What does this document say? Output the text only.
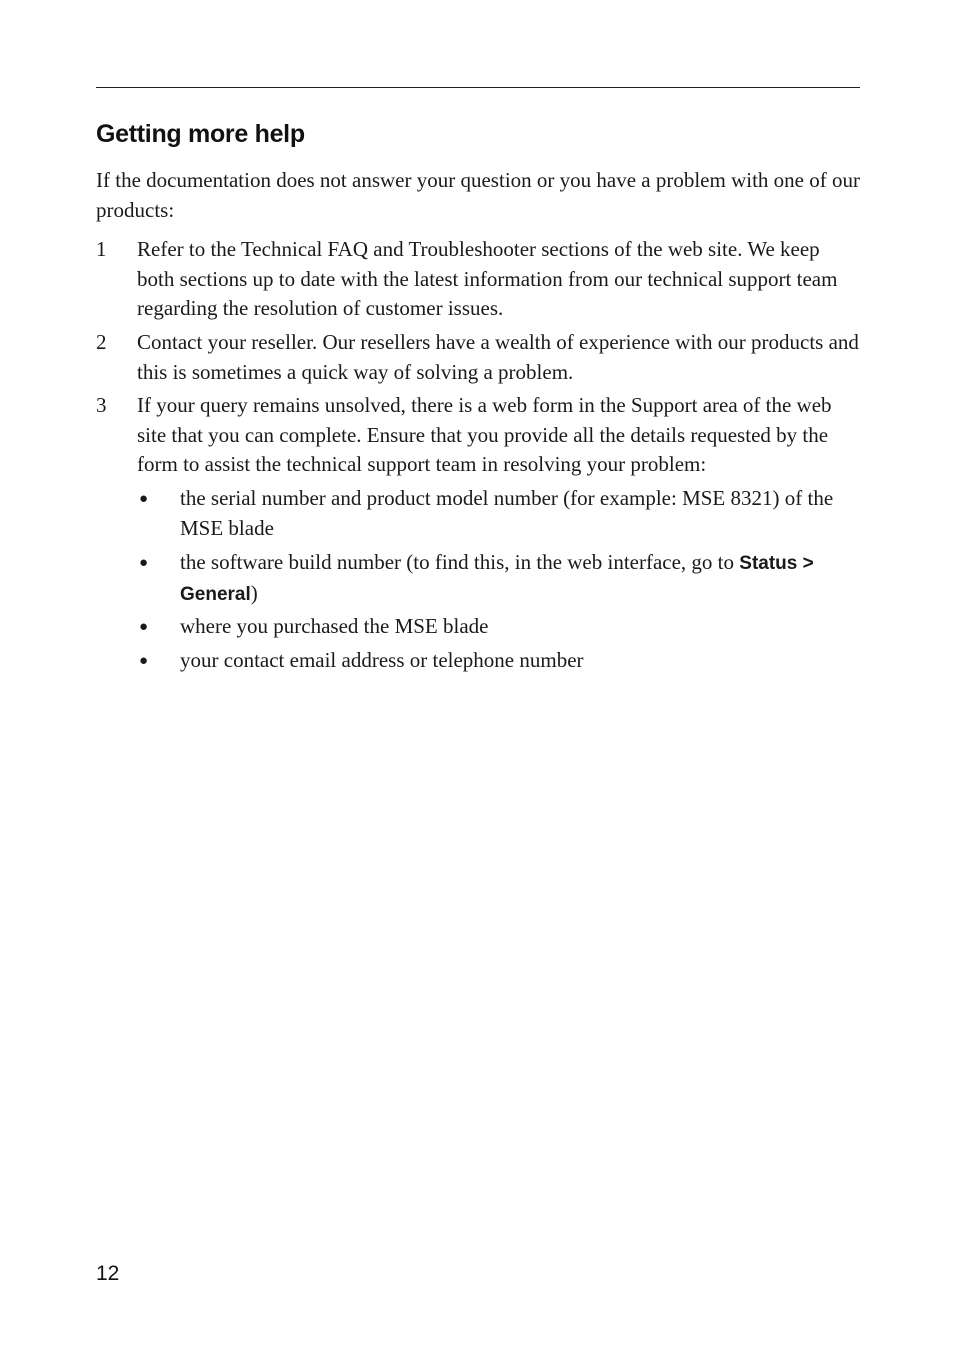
Getting more help

If the documentation does not answer your question or you have a problem with one of our products:

1	Refer to the Technical FAQ and Troubleshooter sections of the web site. We keep both sections up to date with the latest information from our technical support team regarding the resolution of customer issues.
2	Contact your reseller. Our resellers have a wealth of experience with our products and this is sometimes a quick way of solving a problem.
3	If your query remains unsolved, there is a web form in the Support area of the web site that you can complete. Ensure that you provide all the details requested by the form to assist the technical support team in resolving your problem:
● the serial number and product model number (for example: MSE 8321) of the MSE blade
● the software build number (to find this, in the web interface, go to Status > General)
● where you purchased the MSE blade
● your contact email address or telephone number
12
